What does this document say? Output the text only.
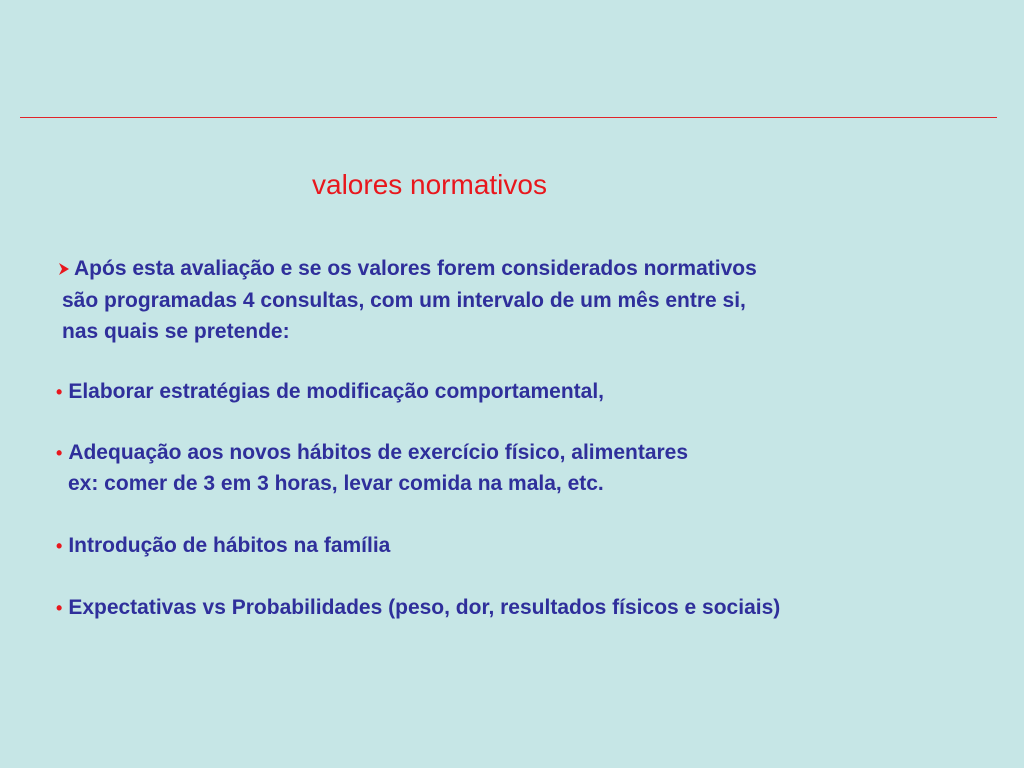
valores normativos
Após esta avaliação e se os valores forem considerados normativos
são programadas 4 consultas, com um intervalo de um mês entre si,
nas quais se pretende:
• Elaborar estratégias de modificação comportamental,
• Adequação aos novos hábitos de exercício físico, alimentares
ex: comer de 3 em 3 horas, levar comida na mala, etc.
• Introdução de hábitos na família
• Expectativas vs Probabilidades (peso, dor, resultados físicos e sociais)
